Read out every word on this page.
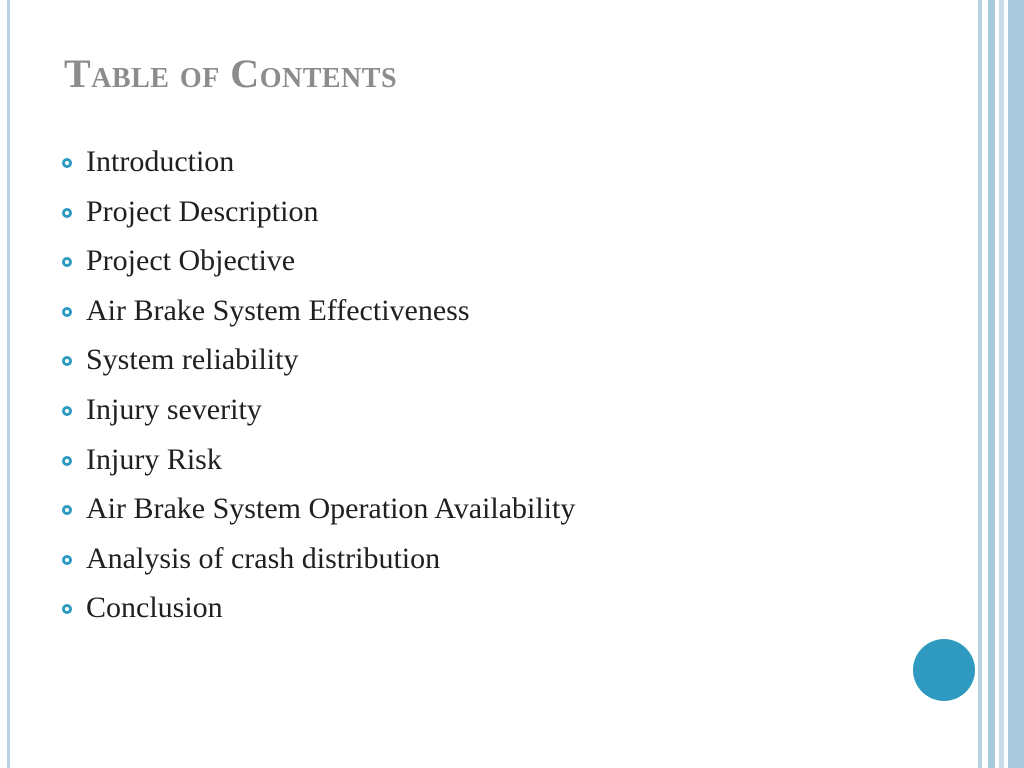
Table of Contents
Introduction
Project Description
Project Objective
Air Brake System Effectiveness
System reliability
Injury severity
Injury Risk
Air Brake System Operation Availability
Analysis of crash distribution
Conclusion
